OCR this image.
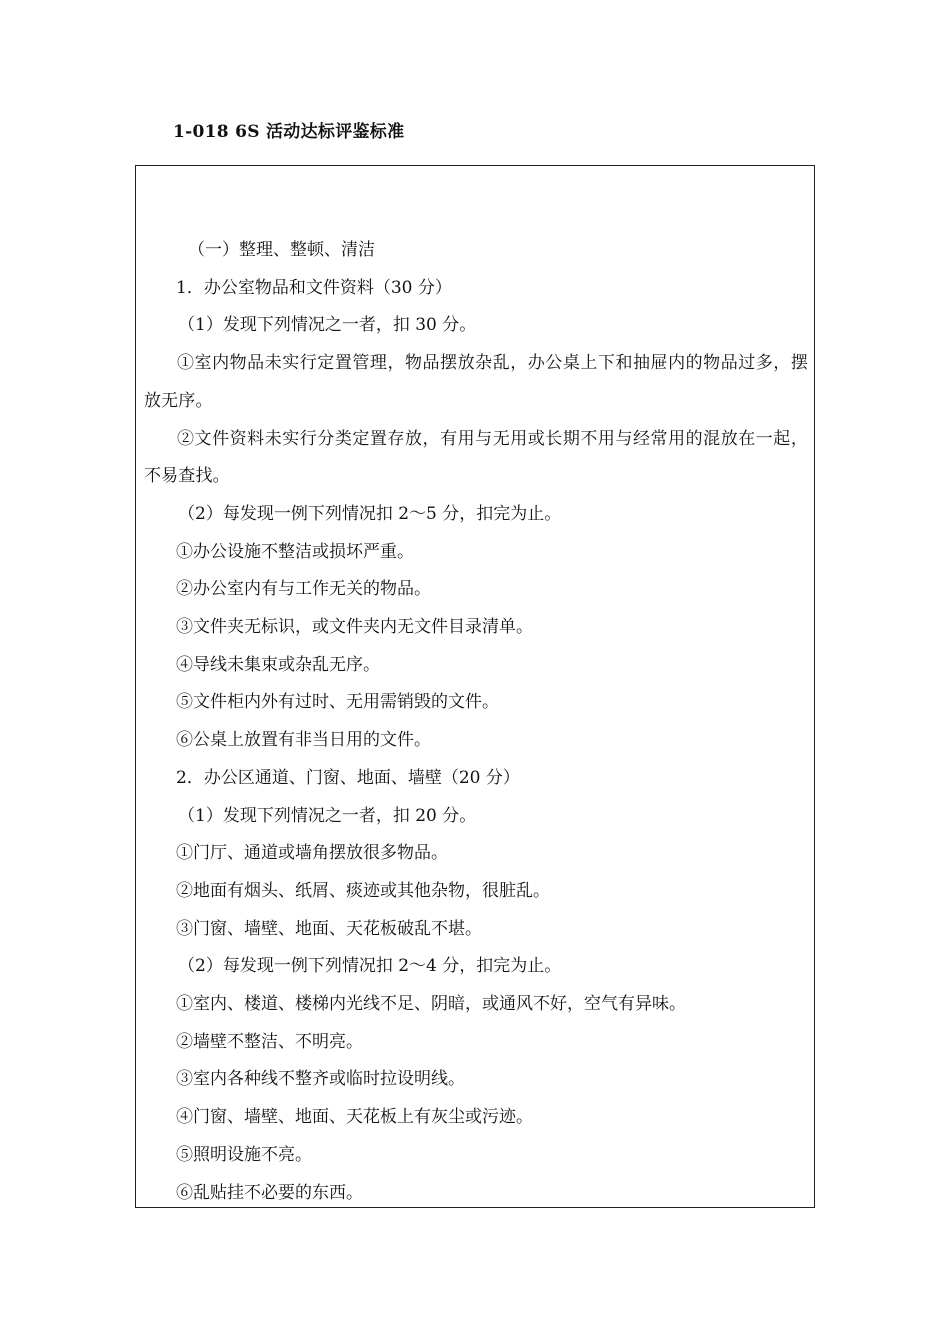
1-018 6S 活动达标评鉴标准
（一）整理、整顿、清洁
1．办公室物品和文件资料（30 分）
（1）发现下列情况之一者，扣 30 分。
①室内物品未实行定置管理，物品摆放杂乱，办公桌上下和抽屉内的物品过多，摆放无序。
②文件资料未实行分类定置存放，有用与无用或长期不用与经常用的混放在一起，不易查找。
（2）每发现一例下列情况扣 2～5 分，扣完为止。
①办公设施不整洁或损坏严重。
②办公室内有与工作无关的物品。
③文件夹无标识，或文件夹内无文件目录清单。
④导线未集束或杂乱无序。
⑤文件柜内外有过时、无用需销毁的文件。
⑥公桌上放置有非当日用的文件。
2．办公区通道、门窗、地面、墙壁（20 分）
（1）发现下列情况之一者，扣 20 分。
①门厅、通道或墙角摆放很多物品。
②地面有烟头、纸屑、痰迹或其他杂物，很脏乱。
③门窗、墙壁、地面、天花板破乱不堪。
（2）每发现一例下列情况扣 2～4 分，扣完为止。
①室内、楼道、楼梯内光线不足、阴暗，或通风不好，空气有异味。
②墙壁不整洁、不明亮。
③室内各种线不整齐或临时拉设明线。
④门窗、墙壁、地面、天花板上有灰尘或污迹。
⑤照明设施不亮。
⑥乱贴挂不必要的东西。
